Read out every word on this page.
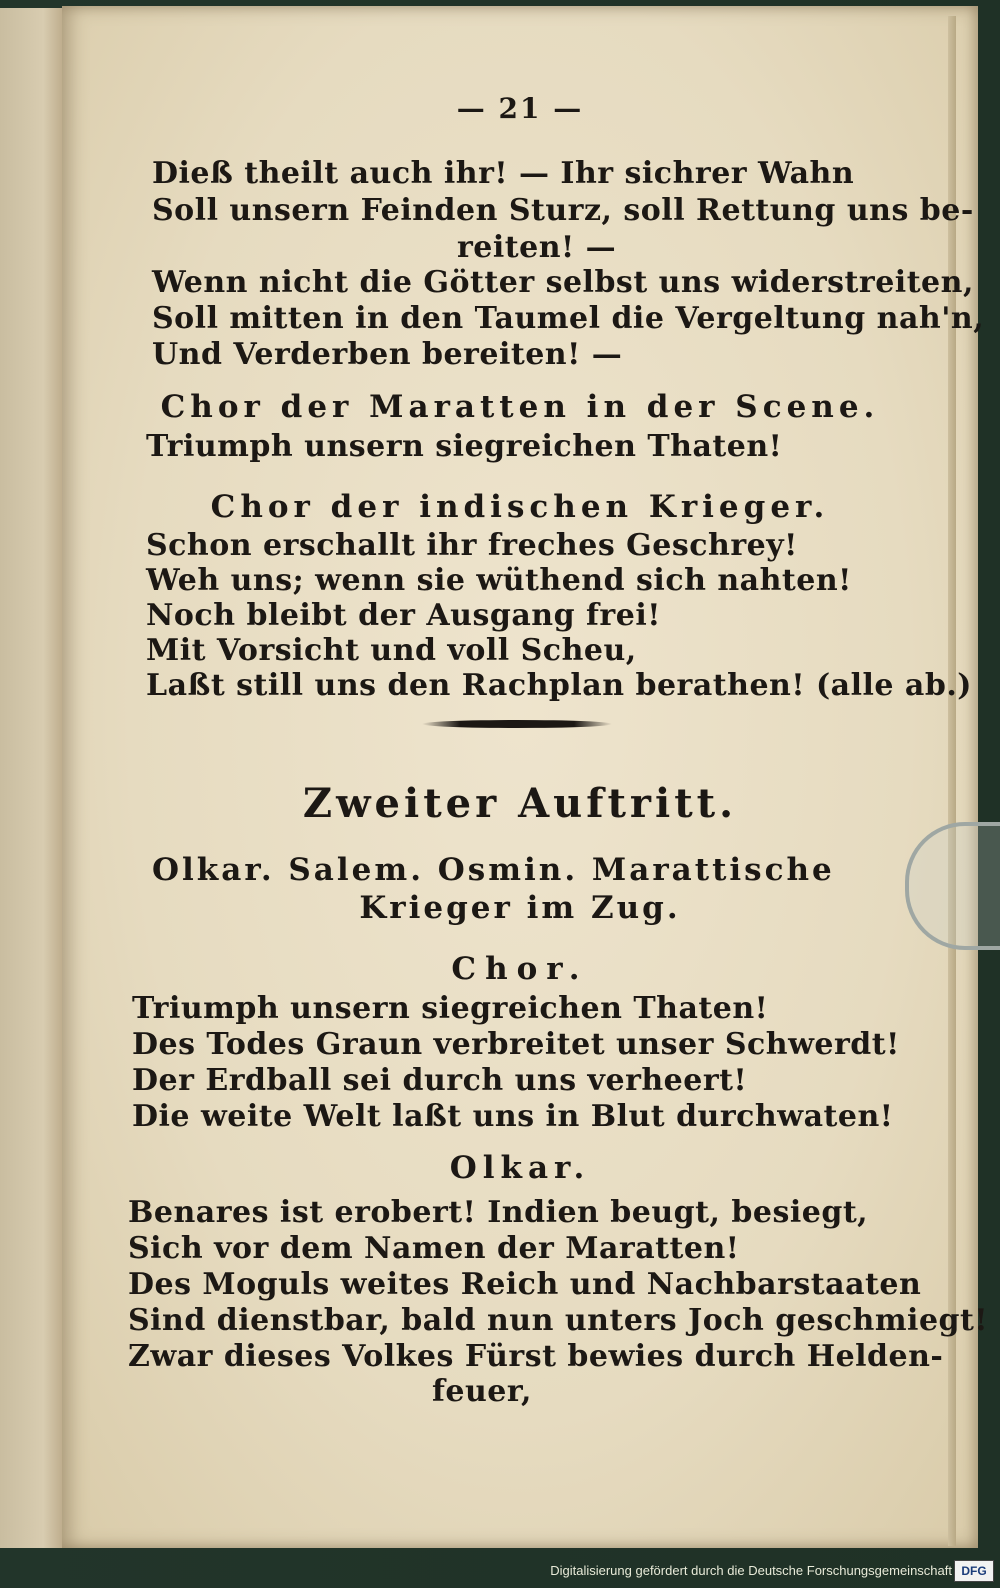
— 21 —
Dieß theilt auch ihr! — Ihr sichrer Wahn
Soll unsern Feinden Sturz, soll Rettung uns be-
reiten! —
Wenn nicht die Götter selbst uns widerstreiten,
Soll mitten in den Taumel die Vergeltung nah'n,
Und Verderben bereiten! —
Chor der Maratten in der Scene.
Triumph unsern siegreichen Thaten!
Chor der indischen Krieger.
Schon erschallt ihr freches Geschrey!
Weh uns; wenn sie wüthend sich nahten!
Noch bleibt der Ausgang frei!
Mit Vorsicht und voll Scheu,
Laßt still uns den Rachplan berathen! (alle ab.)
Zweiter Auftritt.
Olkar. Salem. Osmin. Marattische
Krieger im Zug.
Chor.
Triumph unsern siegreichen Thaten!
Des Todes Graun verbreitet unser Schwerdt!
Der Erdball sei durch uns verheert!
Die weite Welt laßt uns in Blut durchwaten!
Olkar.
Benares ist erobert! Indien beugt, besiegt,
Sich vor dem Namen der Maratten!
Des Moguls weites Reich und Nachbarstaaten
Sind dienstbar, bald nun unters Joch geschmiegt!
Zwar dieses Volkes Fürst bewies durch Helden-
feuer,
Digitalisierung gefördert durch die Deutsche Forschungsgemeinschaft DFG
